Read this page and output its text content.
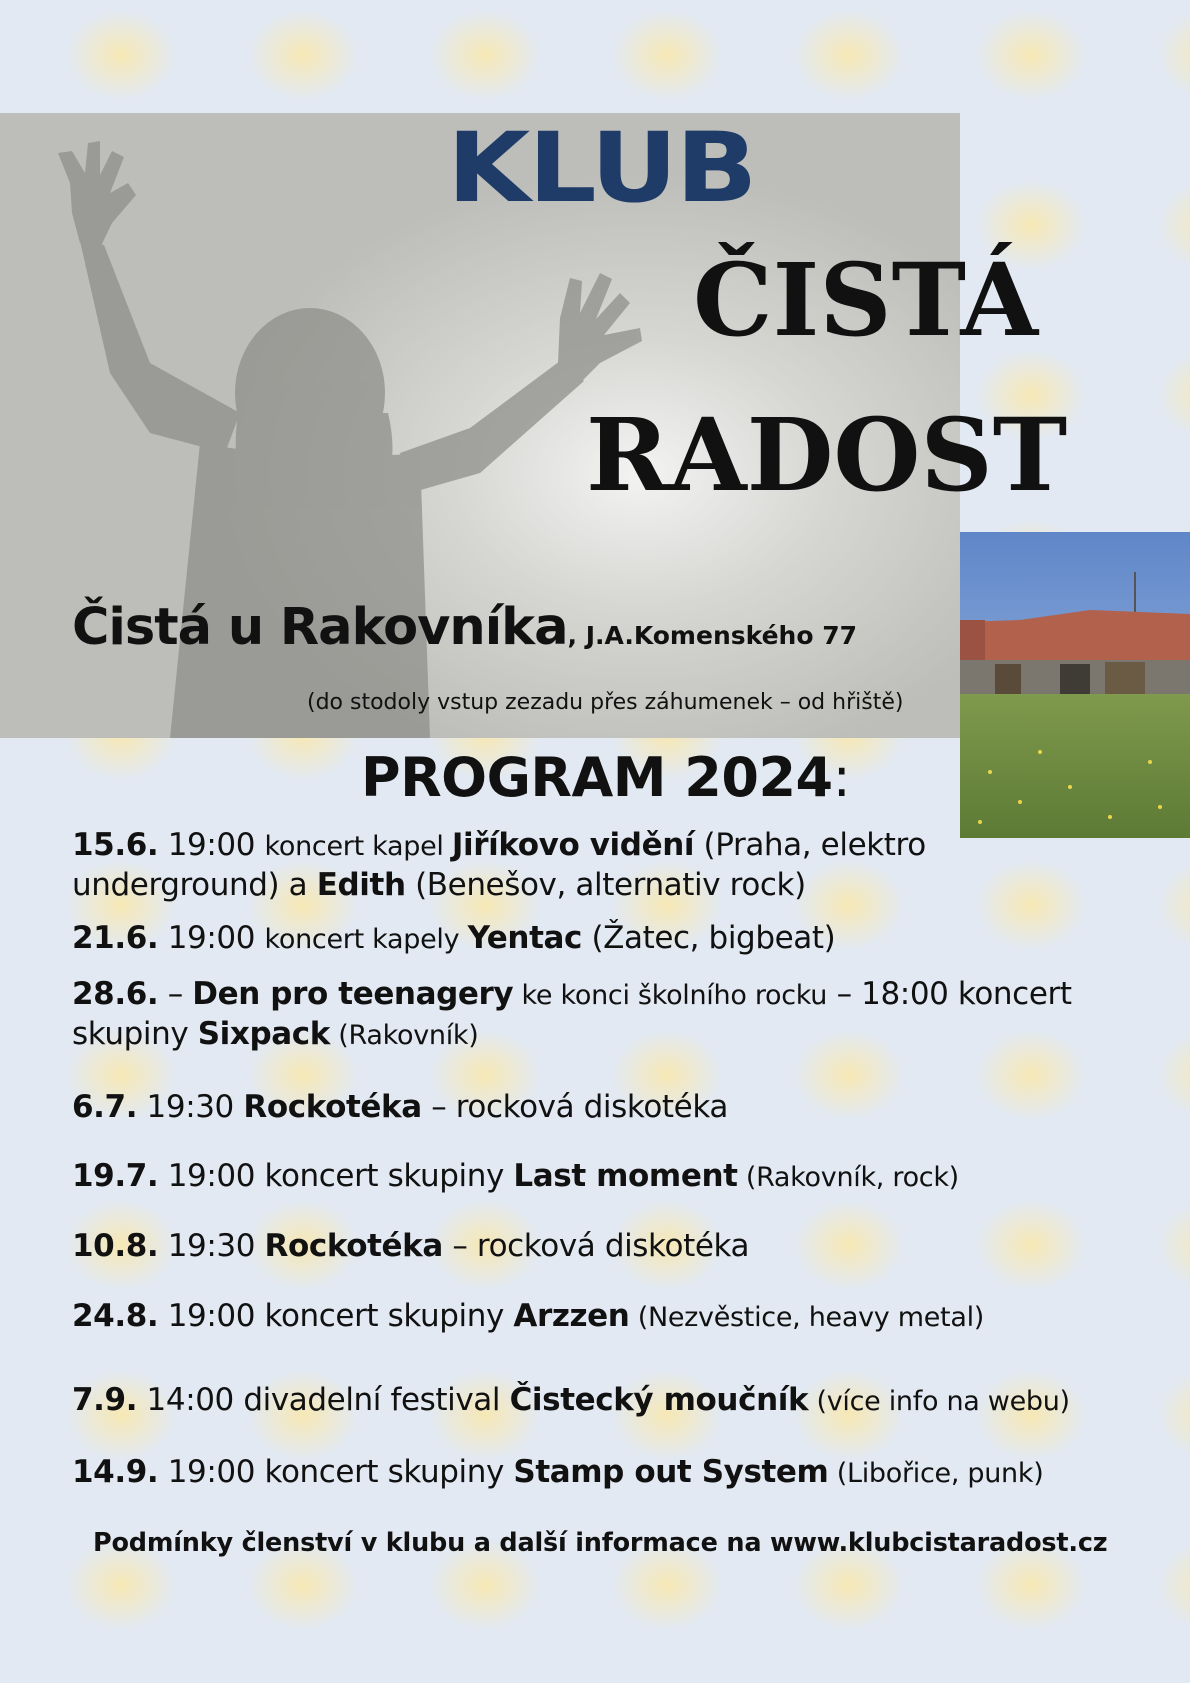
KLUB
ČISTÁ
RADOST
Čistá u Rakovníka, J.A.Komenského 77
(do stodoly vstup zezadu přes záhumenek – od hřiště)
PROGRAM 2024:
15.6. 19:00 koncert kapel Jiříkovo vidění (Praha, elektro underground) a Edith (Benešov, alternativ rock)
21.6. 19:00 koncert kapely Yentac (Žatec, bigbeat)
28.6. – Den pro teenagery ke konci školního rocku – 18:00 koncert skupiny Sixpack (Rakovník)
6.7. 19:30 Rockotéka – rocková diskotéka
19.7. 19:00 koncert skupiny Last moment (Rakovník, rock)
10.8. 19:30 Rockotéka – rocková diskotéka
24.8. 19:00 koncert skupiny Arzzen (Nezvěstice, heavy metal)
7.9. 14:00 divadelní festival Čistecký moučník (více info na webu)
14.9. 19:00 koncert skupiny Stamp out System (Libořice, punk)
Podmínky členství v klubu a další informace na www.klubcistaradost.cz
